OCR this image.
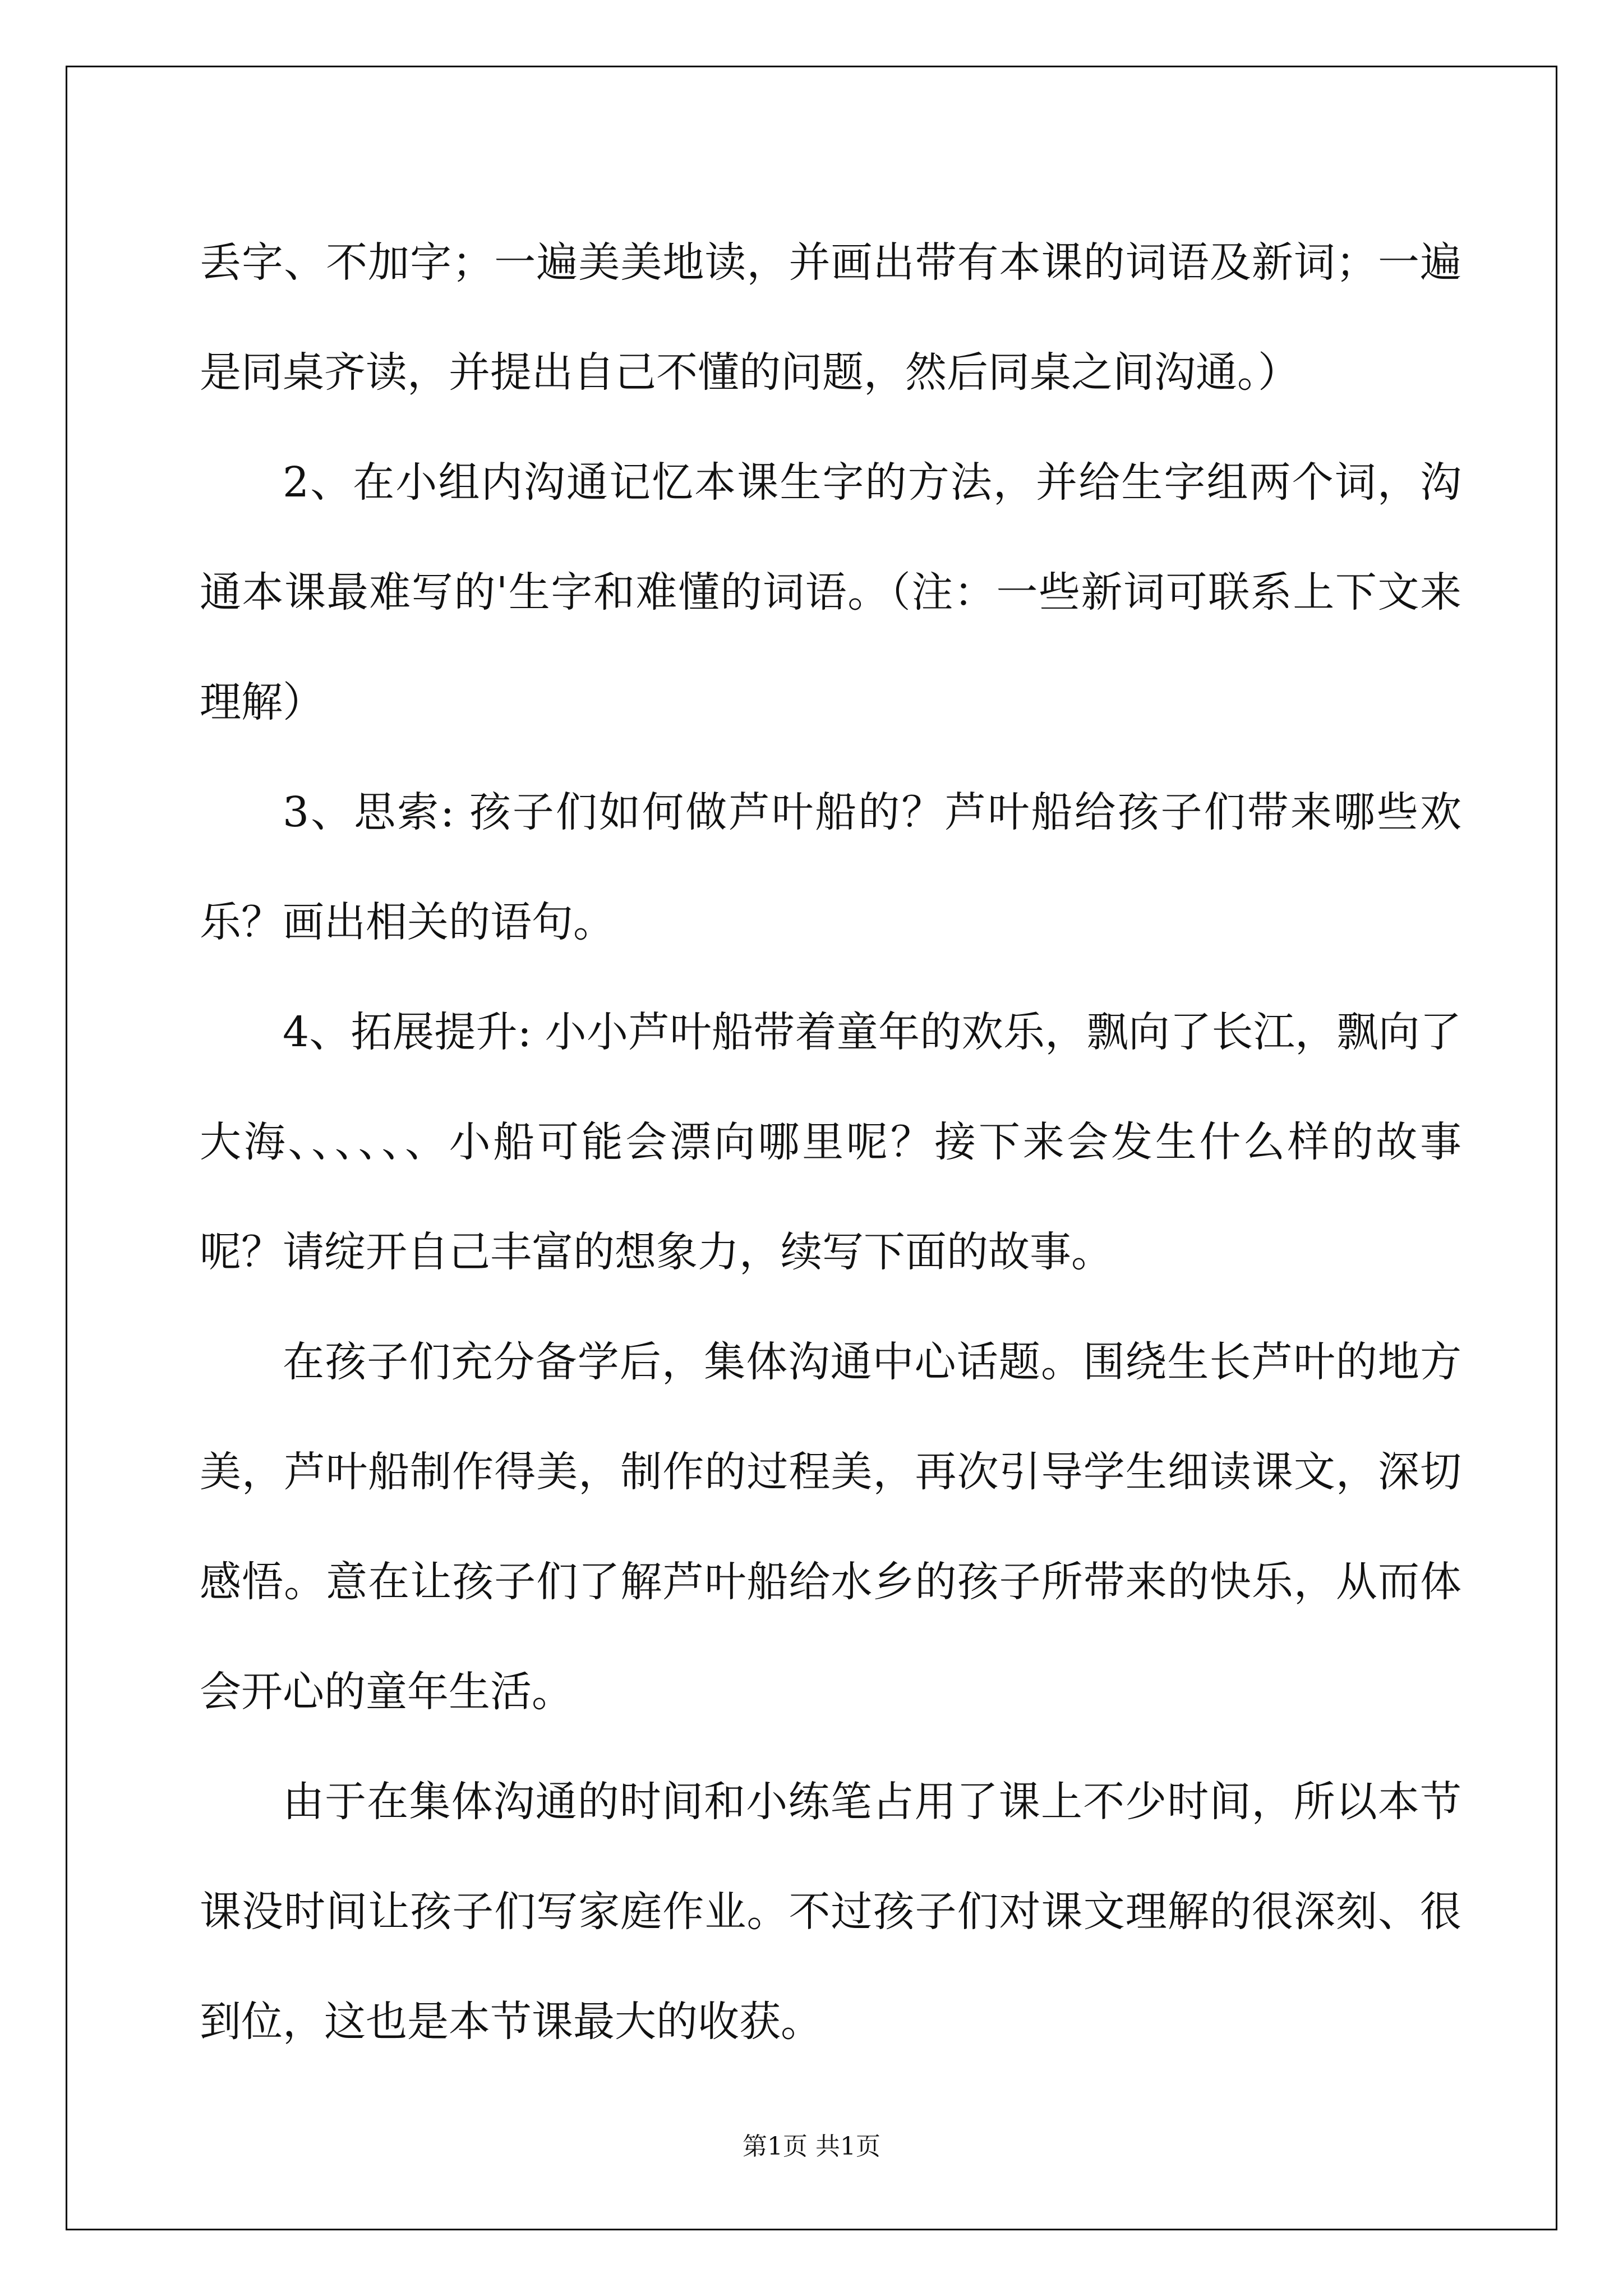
丢字、不加字；一遍美美地读，并画出带有本课的词语及新词；一遍是同桌齐读，并提出自己不懂的问题，然后同桌之间沟通。）

2、在小组内沟通记忆本课生字的方法，并给生字组两个词，沟通本课最难写的'生字和难懂的词语。（注：一些新词可联系上下文来理解）

3、思索: 孩子们如何做芦叶船的？芦叶船给孩子们带来哪些欢乐？画出相关的语句。

4、拓展提升: 小小芦叶船带着童年的欢乐，飘向了长江，飘向了大海、、、、、、小船可能会漂向哪里呢？接下来会发生什么样的故事呢？请绽开自己丰富的想象力，续写下面的故事。

在孩子们充分备学后，集体沟通中心话题。围绕生长芦叶的地方美，芦叶船制作得美，制作的过程美，再次引导学生细读课文，深切感悟。意在让孩子们了解芦叶船给水乡的孩子所带来的快乐，从而体会开心的童年生活。

由于在集体沟通的时间和小练笔占用了课上不少时间，所以本节课没时间让孩子们写家庭作业。不过孩子们对课文理解的很深刻、很到位，这也是本节课最大的收获。

第1页 共1页
